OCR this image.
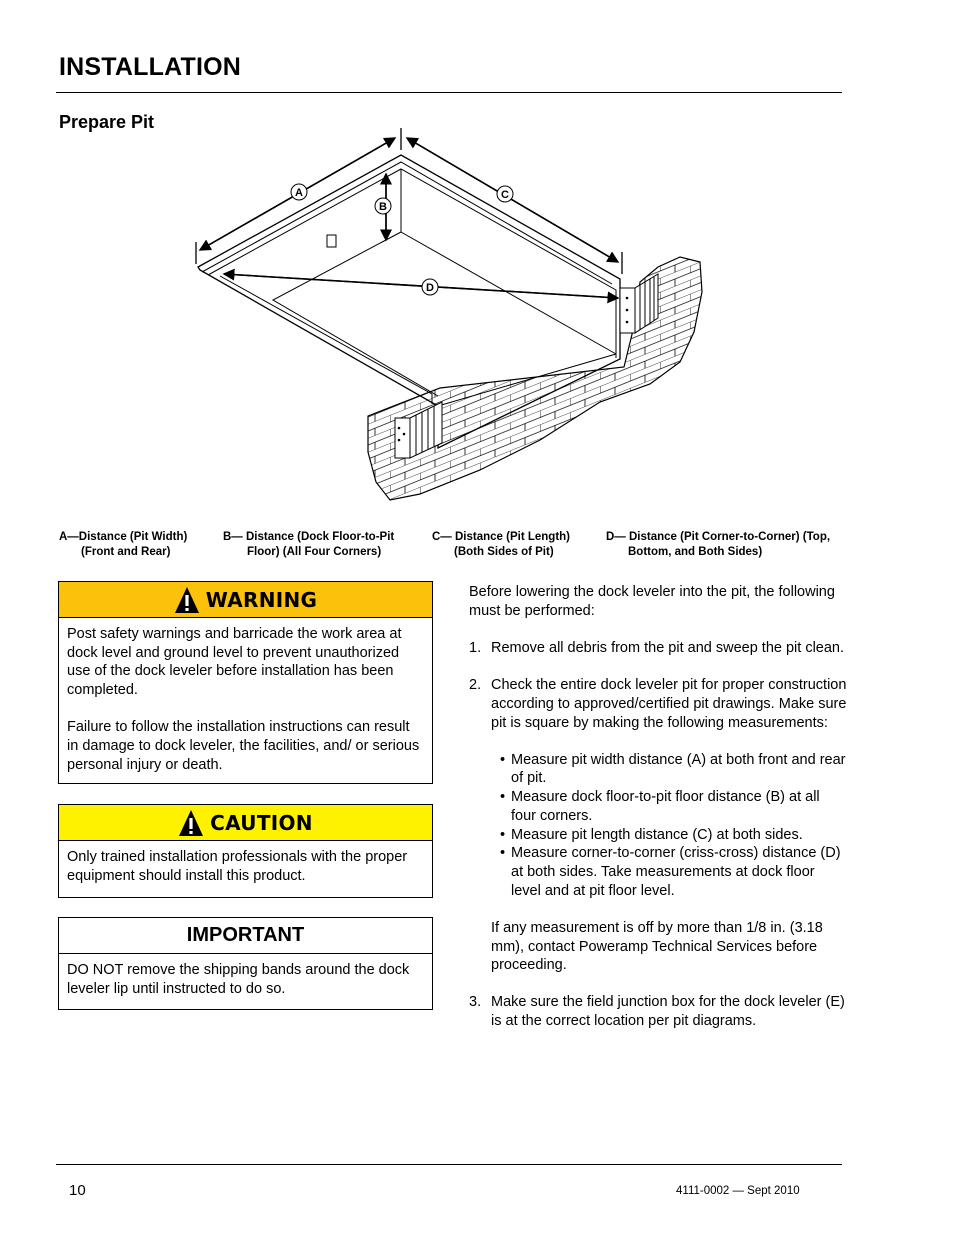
INSTALLATION
Prepare Pit
A
B
C
D
A—Distance (Pit Width)
(Front and Rear)
B— Distance (Dock Floor-to-Pit
Floor) (All Four Corners)
C— Distance (Pit Length)
(Both Sides of Pit)
D— Distance (Pit Corner-to-Corner) (Top,
Bottom, and Both Sides)
WARNING

Post safety warnings and barricade the work area at dock level and ground level to prevent unauthorized use of the dock leveler before installation has been completed.

Failure to follow the installation instructions can result in damage to dock leveler, the facilities, and/ or serious personal injury or death.

CAUTION

Only trained installation professionals with the proper equipment should install this product.

IMPORTANT

DO NOT remove the shipping bands around the dock leveler lip until instructed to do so.

Before lowering the dock leveler into the pit, the following must be performed:

1. Remove all debris from the pit and sweep the pit clean.
2. Check the entire dock leveler pit for proper construction according to approved/certified pit drawings. Make sure pit is square by making the following measurements:
• Measure pit width distance (A) at both front and rear of pit.
• Measure dock floor-to-pit floor distance (B) at all four corners.
• Measure pit length distance (C) at both sides.
• Measure corner-to-corner (criss-cross) distance (D) at both sides. Take measurements at dock floor level and at pit floor level.

If any measurement is off by more than 1/8 in. (3.18 mm), contact Poweramp Technical Services before proceeding.

3. Make sure the field junction box for the dock leveler (E) is at the correct location per pit diagrams.
10	4111-0002 — Sept 2010
